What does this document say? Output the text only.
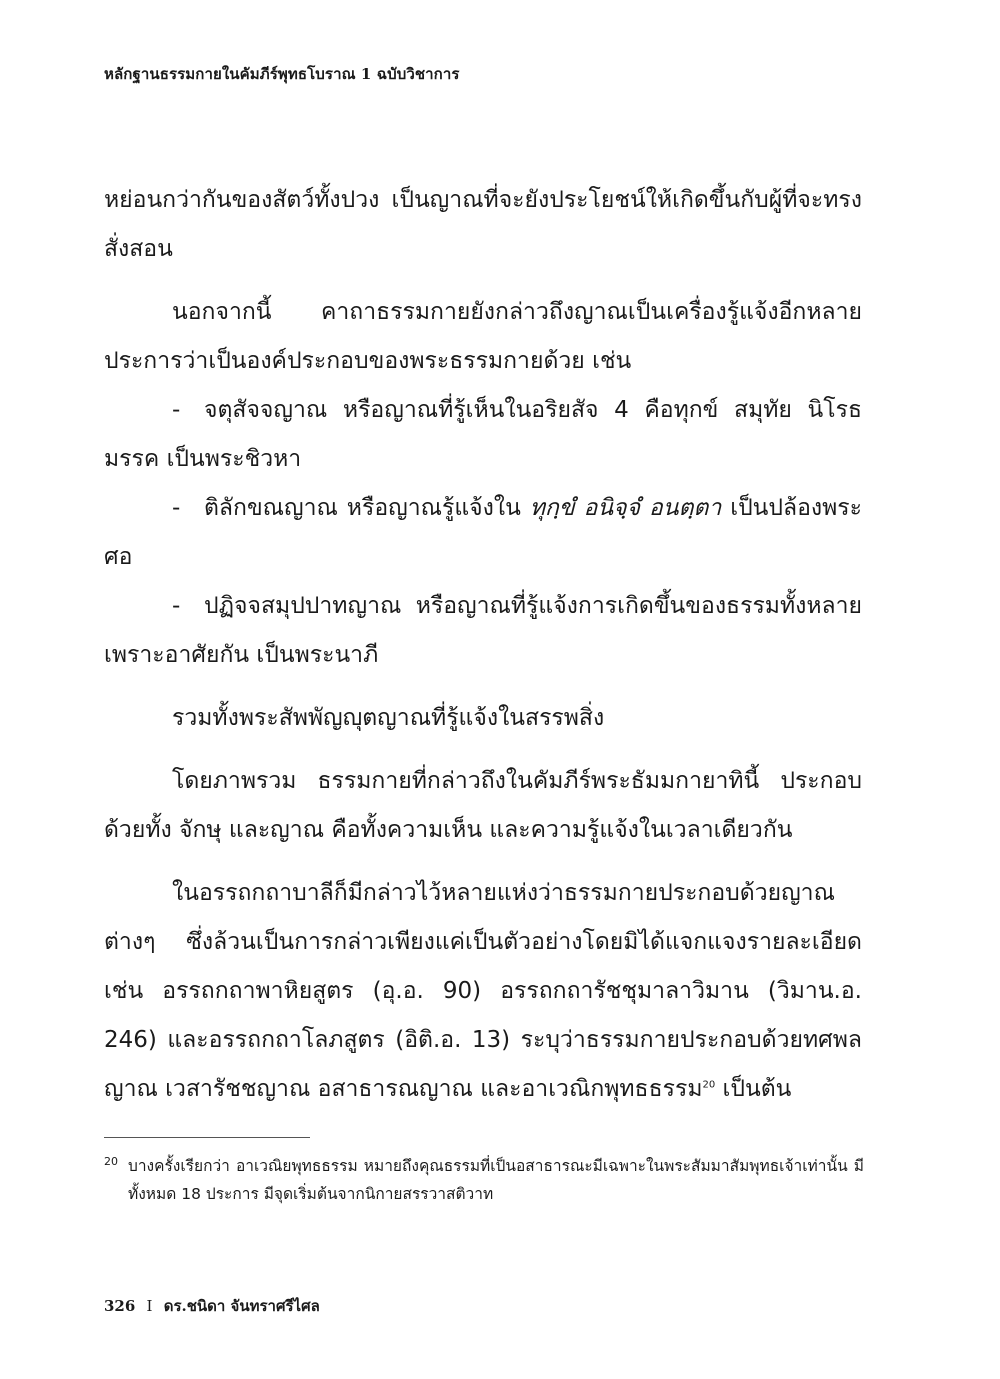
หลักฐานธรรมกายในคัมภีร์พุทธโบราณ 1 ฉบับวิชาการ

หย่อนกว่ากันของสัตว์ทั้งปวง เป็นญาณที่จะยังประโยชน์ให้เกิดขึ้นกับผู้ที่จะทรงสั่งสอน

นอกจากนี้ คาถาธรรมกายยังกล่าวถึงญาณเป็นเครื่องรู้แจ้งอีกหลายประการว่าเป็นองค์ประกอบของพระธรรมกายด้วย เช่น

- จตุสัจจญาณ หรือญาณที่รู้เห็นในอริยสัจ 4 คือทุกข์ สมุทัย นิโรธ มรรค เป็นพระชิวหา

- ติลักขณญาณ หรือญาณรู้แจ้งใน ทุกฺขํ อนิจฺจํ อนตฺตา เป็นปล้องพระศอ

- ปฏิจจสมุปปาทญาณ หรือญาณที่รู้แจ้งการเกิดขึ้นของธรรมทั้งหลายเพราะอาศัยกัน เป็นพระนาภี

รวมทั้งพระสัพพัญญุตญาณที่รู้แจ้งในสรรพสิ่ง

โดยภาพรวม ธรรมกายที่กล่าวถึงในคัมภีร์พระธัมมกายาทินี้ ประกอบด้วยทั้ง จักษุ และญาณ คือทั้งความเห็น และความรู้แจ้งในเวลาเดียวกัน

ในอรรถกถาบาลีก็มีกล่าวไว้หลายแห่งว่าธรรมกายประกอบด้วยญาณต่างๆ ซึ่งล้วนเป็นการกล่าวเพียงแค่เป็นตัวอย่างโดยมิได้แจกแจงรายละเอียด เช่น อรรถกถาพาหิยสูตร (อุ.อ. 90) อรรถกถารัชชุมาลาวิมาน (วิมาน.อ. 246) และอรรถกถาโลภสูตร (อิติ.อ. 13) ระบุว่าธรรมกายประกอบด้วยทศพลญาณ เวสารัชชญาณ อสาธารณญาณ และอาเวณิกพุทธธรรม$^{20}$ เป็นต้น

20 บางครั้งเรียกว่า อาเวณิยพุทธธรรม หมายถึงคุณธรรมที่เป็นอสาธารณะมีเฉพาะในพระสัมมาสัมพุทธเจ้าเท่านั้น มีทั้งหมด 18 ประการ มีจุดเริ่มต้นจากนิกายสรรวาสติวาท
326 I ดร.ชนิดา จันทราศรีไศล
